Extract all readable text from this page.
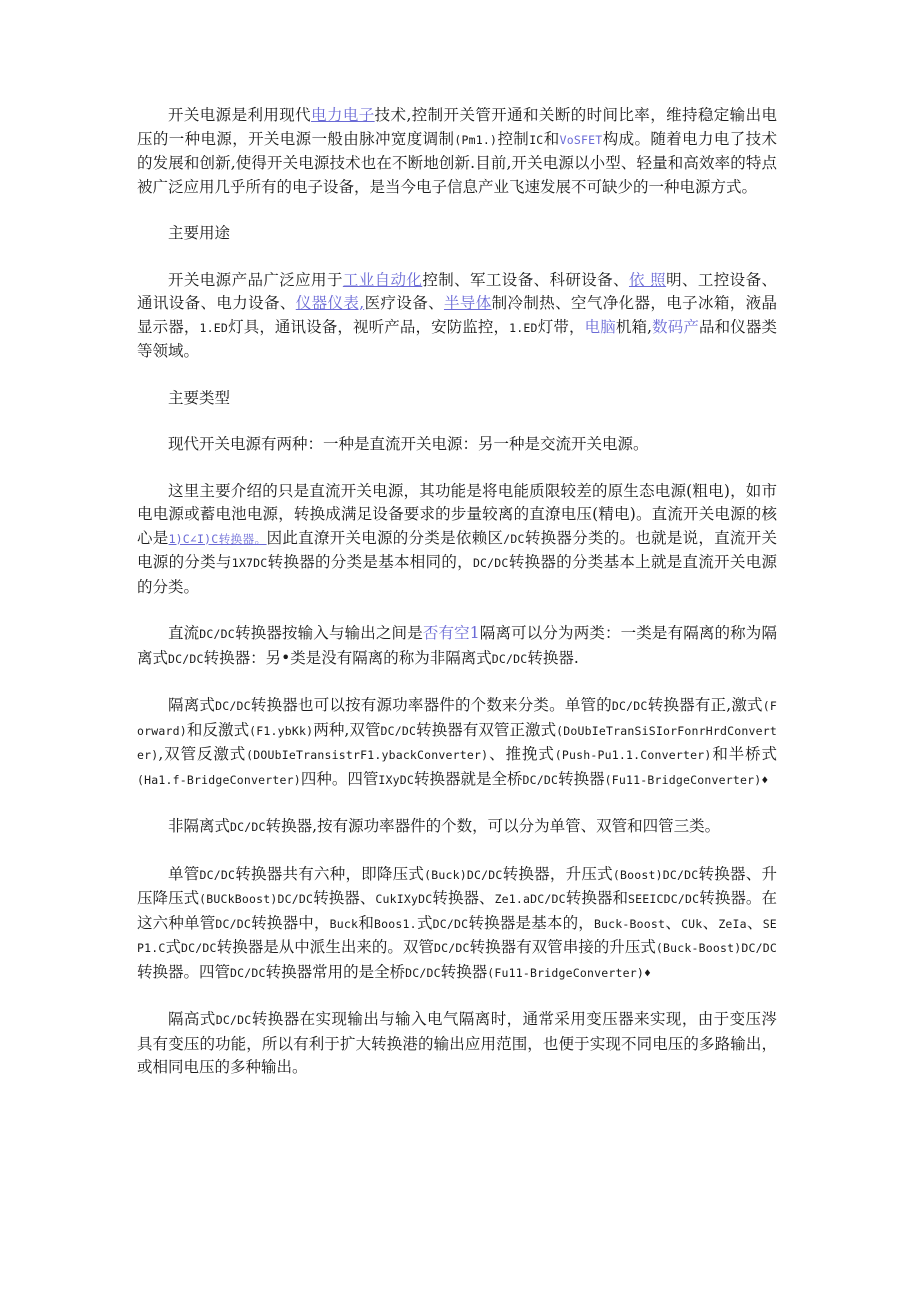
开关电源是利用现代电力电子技术,控制开关管开通和关断的时间比率，维持稳定输出电压的一种电源，开关电源一般由脉冲宽度调制(Pm1.)控制IC和VoSFET构成。随着电力电了技术的发展和创新,使得开关电源技术也在不断地创新.目前,开关电源以小型、轻量和高效率的特点被广泛应用几乎所有的电子设备，是当今电子信息产业飞速发展不可缺少的一种电源方式。

主要用途

开关电源产品广泛应用于工业自动化控制、军工设备、科研设备、依 照明、工控设备、通讯设备、电力设备、仪器仪表,医疗设备、半导体制冷制热、空气净化器，电子冰箱，液晶显示器，1.ED灯具，通讯设备，视听产品，安防监控，1.ED灯带，电脑机箱,数码产品和仪器类等领域。

主要类型

现代开关电源有两种：一种是直流开关电源：另一种是交流开关电源。

这里主要介绍的只是直流开关电源，其功能是将电能质限较差的原生态电源(粗电)，如市电电源或蓄电池电源，转换成满足设备要求的步量较离的直潦电压(精电)。直流开关电源的核心是1)C∠I)C转换器。因此直潦开关电源的分类是依赖区/DC转换器分类的。也就是说，直流开关电源的分类与1X7DC转换器的分类是基本相同的，DC/DC转换器的分类基本上就是直流开关电源的分类。

直流DC/DC转换器按输入与输出之间是否有空1隔离可以分为两类：一类是有隔离的称为隔离式DC/DC转换器：另•类是没有隔离的称为非隔离式DC/DC转换器.

隔离式DC/DC转换器也可以按有源功率器件的个数来分类。单管的DC/DC转换器有正,激式(Forward)和反激式(F1.ybKk)两种,双管DC/DC转换器有双管正激式(DoUbIeTranSiSIorFonrHrdConverter),双管反激式(DOUbIeTransistrF1.ybackConverter)、推挽式(Push-Pu1.1.Converter)和半桥式(Ha1.f-BridgeConverter)四种。四管IXyDC转换器就是全桥DC/DC转换器(Fu11-BridgeConverter)♦

非隔离式DC/DC转换器,按有源功率器件的个数，可以分为单管、双管和四管三类。

单管DC/DC转换器共有六种，即降压式(Buck)DC/DC转换器，升压式(Boost)DC/DC转换器、升压降压式(BUCkBoost)DC/DC转换器、CukIXyDC转换器、Ze1.aDC/DC转换器和SEEICDC/DC转换器。在这六种单管DC/DC转换器中，Buck和Boos1.式DC/DC转换器是基本的，Buck-Boost、CUk、ZeIa、SEP1.C式DC/DC转换器是从中派生出来的。双管DC/DC转换器有双管串接的升压式(Buck-Boost)DC/DC转换器。四管DC/DC转换器常用的是全桥DC/DC转换器(Fu11-BridgeConverter)♦

隔高式DC/DC转换器在实现输出与输入电气隔离时，通常采用变压器来实现，由于变压涔具有变压的功能，所以有利于扩大转换港的输出应用范围，也便于实现不同电压的多路输出，或相同电压的多种输出。
